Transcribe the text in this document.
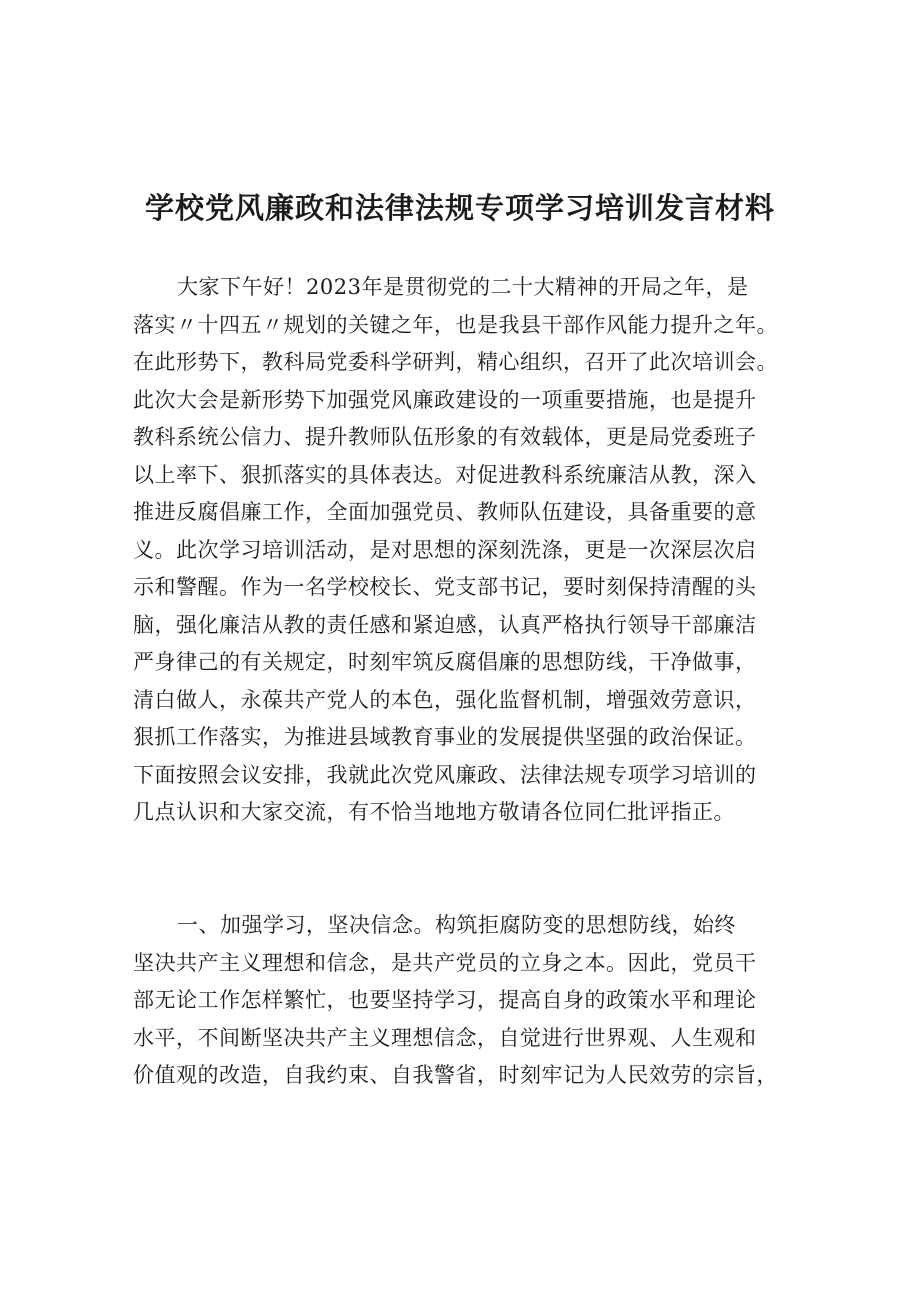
学校党风廉政和法律法规专项学习培训发言材料
大家下午好！2023年是贯彻党的二十大精神的开局之年，是
落实〃十四五〃规划的关键之年，也是我县干部作风能力提升之年。
在此形势下，教科局党委科学研判，精心组织，召开了此次培训会。
此次大会是新形势下加强党风廉政建设的一项重要措施，也是提升
教科系统公信力、提升教师队伍形象的有效载体，更是局党委班子
以上率下、狠抓落实的具体表达。对促进教科系统廉洁从教，深入
推进反腐倡廉工作，全面加强党员、教师队伍建设，具备重要的意
义。此次学习培训活动，是对思想的深刻洗涤，更是一次深层次启
示和警醒。作为一名学校校长、党支部书记，要时刻保持清醒的头
脑，强化廉洁从教的责任感和紧迫感，认真严格执行领导干部廉洁
严身律己的有关规定，时刻牢筑反腐倡廉的思想防线，干净做事，
清白做人，永葆共产党人的本色，强化监督机制，增强效劳意识，
狠抓工作落实，为推进县域教育事业的发展提供坚强的政治保证。
下面按照会议安排，我就此次党风廉政、法律法规专项学习培训的
几点认识和大家交流，有不恰当地地方敬请各位同仁批评指正。
一、加强学习，坚决信念。构筑拒腐防变的思想防线，始终
坚决共产主义理想和信念，是共产党员的立身之本。因此，党员干
部无论工作怎样繁忙，也要坚持学习，提高自身的政策水平和理论
水平，不间断坚决共产主义理想信念，自觉进行世界观、人生观和
价值观的改造，自我约束、自我警省，时刻牢记为人民效劳的宗旨，
